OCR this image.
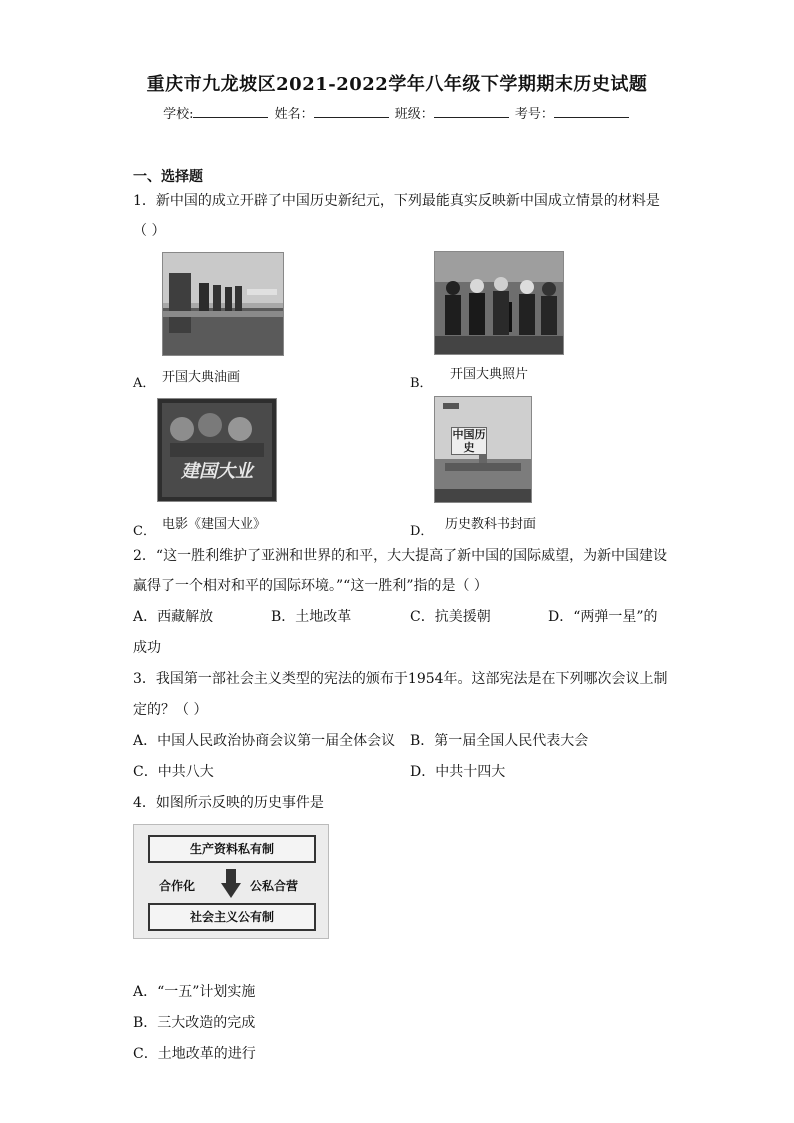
重庆市九龙坡区2021-2022学年八年级下学期期末历史试题
学校:	姓名：	班级：	考号：
一、选择题
1．新中国的成立开辟了中国历史新纪元，下列最能真实反映新中国成立情景的材料是
（ ）
A． 开国大典油画	B．
开国大典照片
建国大业
C． 电影《建国大业》
中国历史
D． 历史教科书封面
2．“这一胜利维护了亚洲和世界的和平，大大提高了新中国的国际威望，为新中国建设
赢得了一个相对和平的国际环境。”“这一胜利”指的是（ ）
A．西藏解放	B．土地改革	C．抗美援朝	D．“两弹一星”的
成功
3．我国第一部社会主义类型的宪法的颁布于1954年。这部宪法是在下列哪次会议上制
定的？（ ）
A．中国人民政治协商会议第一届全体会议 B．第一届全国人民代表大会
C．中共八大	D．中共十四大
4．如图所示反映的历史事件是
生产资料私有制
合作化	公私合营
社会主义公有制
A．“一五”计划实施
B．三大改造的完成
C．土地改革的进行
